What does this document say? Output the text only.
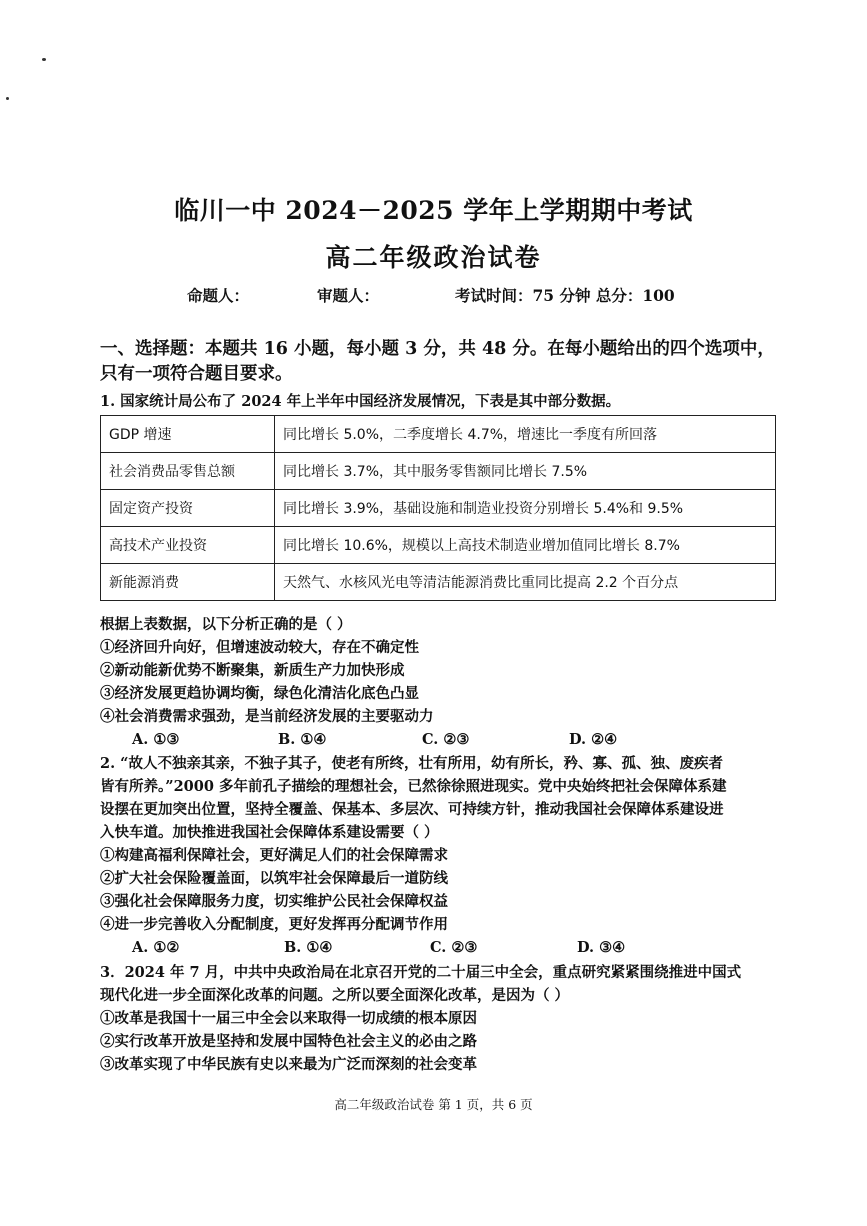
临川一中 2024－2025 学年上学期期中考试
高二年级政治试卷
命题人：	审题人：	考试时间：75 分钟 总分：100
一、选择题：本题共 16 小题，每小题 3 分，共 48 分。在每小题给出的四个选项中，只有一项符合题目要求。
1. 国家统计局公布了 2024 年上半年中国经济发展情况，下表是其中部分数据。
GDP 增速	同比增长 5.0%，二季度增长 4.7%，增速比一季度有所回落
社会消费品零售总额	同比增长 3.7%，其中服务零售额同比增长 7.5%
固定资产投资	同比增长 3.9%，基础设施和制造业投资分别增长 5.4%和 9.5%
高技术产业投资	同比增长 10.6%，规模以上高技术制造业增加值同比增长 8.7%
新能源消费	天然气、水核风光电等清洁能源消费比重同比提高 2.2 个百分点
根据上表数据，以下分析正确的是（ ）
①经济回升向好，但增速波动较大，存在不确定性
②新动能新优势不断聚集，新质生产力加快形成
③经济发展更趋协调均衡，绿色化清洁化底色凸显
④社会消费需求强劲，是当前经济发展的主要驱动力
A. ①③	B. ①④	C. ②③	D. ②④
2. “故人不独亲其亲，不独子其子，使老有所终，壮有所用，幼有所长，矜、寡、孤、独、废疾者
皆有所养。”2000 多年前孔子描绘的理想社会，已然徐徐照进现实。党中央始终把社会保障体系建
设摆在更加突出位置，坚持全覆盖、保基本、多层次、可持续方针，推动我国社会保障体系建设进
入快车道。加快推进我国社会保障体系建设需要（ ）
①构建高福利保障社会，更好满足人们的社会保障需求
②扩大社会保险覆盖面，以筑牢社会保障最后一道防线
③强化社会保障服务力度，切实维护公民社会保障权益
④进一步完善收入分配制度，更好发挥再分配调节作用
A. ①②	B. ①④	C. ②③	D. ③④
3．2024 年 7 月，中共中央政治局在北京召开党的二十届三中全会，重点研究紧紧围绕推进中国式
现代化进一步全面深化改革的问题。之所以要全面深化改革，是因为（ ）
①改革是我国十一届三中全会以来取得一切成绩的根本原因
②实行改革开放是坚持和发展中国特色社会主义的必由之路
③改革实现了中华民族有史以来最为广泛而深刻的社会变革
高二年级政治试卷 第 1 页，共 6 页
